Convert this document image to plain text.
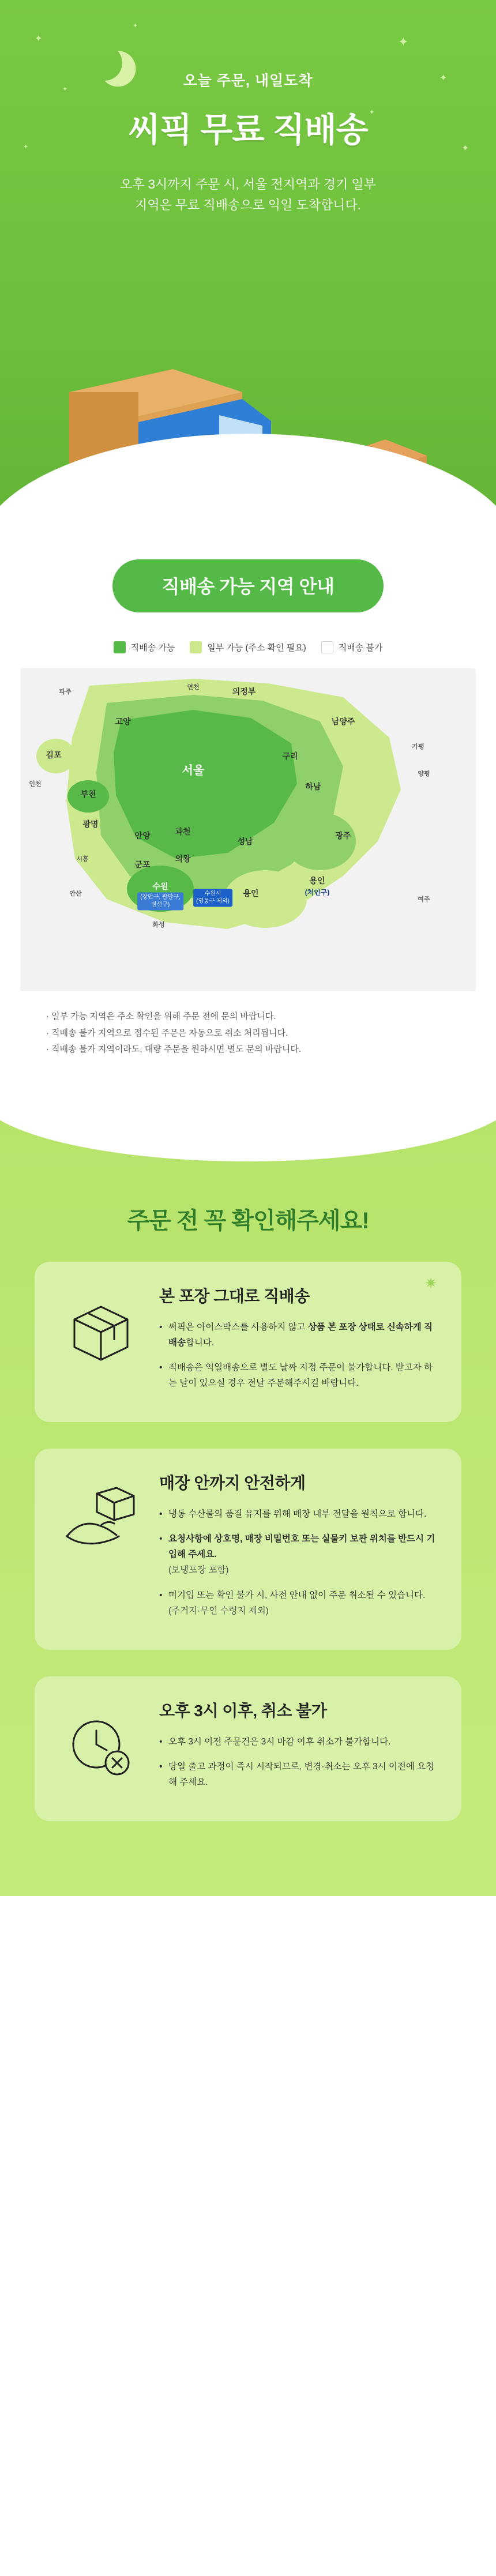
✦
✦
✦
✦
✦
✦
✦
✦
오늘 주문, 내일도착
씨픽 무료 직배송
오후 3시까지 주문 시, 서울 전지역과 경기 일부
지역은 무료 직배송으로 익일 도착합니다.
직배송 가능 지역 안내
직배송 가능	일부 가능 (주소 확인 필요)	직배송 불가
파주
연천	의정부
고양	남양주
김포
가평
인천
서울
구리
양평
부천
하남
광명
안양	과천
성남
광주
시흥	의왕
군포
안산
수원
용인
용인
여주
화성
(장안구, 팔달구,
권선구)
수원시
(영통구 제외)
(처인구)
· 일부 가능 지역은 주소 확인을 위해 주문 전에 문의 바랍니다.
· 직배송 불가 지역으로 접수된 주문은 자동으로 취소 처리됩니다.
· 직배송 불가 지역이라도, 대량 주문을 원하시면 별도 문의 바랍니다.
주문 전 꼭 확인해주세요!
✷
본 포장 그대로 직배송
• 씨픽은 아이스박스를 사용하지 않고 상품 본 포장 상태로 신속하게 직배송합니다.
• 직배송은 익일배송으로 별도 날짜 지정 주문이 불가합니다. 받고자 하는 날이 있으실 경우 전날 주문해주시길 바랍니다.
매장 안까지 안전하게
• 냉동 수산물의 품질 유지를 위해 매장 내부 전달을 원칙으로 합니다.
• 요청사항에 상호명, 매장 비밀번호 또는 실물키 보관 위치를 반드시 기입해 주세요.
(보냉포장 포함)
• 미기입 또는 확인 불가 시, 사전 안내 없이 주문 취소될 수 있습니다.
(주거지·무인 수령지 제외)
오후 3시 이후, 취소 불가
• 오후 3시 이전 주문건은 3시 마감 이후 취소가 불가합니다.
• 당일 출고 과정이 즉시 시작되므로, 변경·취소는 오후 3시 이전에 요청해 주세요.
